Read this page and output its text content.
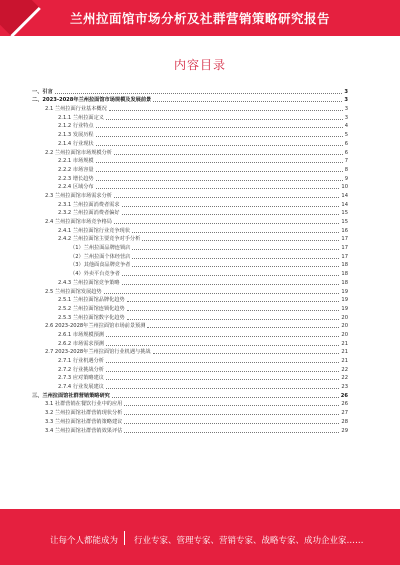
兰州拉面馆市场分析及社群营销策略研究报告
内容目录
一、引言	3
二、2023-2028年兰州拉面馆市场规模及发展前景	3
2.1 兰州拉面行业基本概况	3
2.1.1 兰州拉面定义	3
2.1.2 行业特点	4
2.1.3 发展历程	5
2.1.4 行业现状	6
2.2 兰州拉面馆市场规模分析	6
2.2.1 市场规模	7
2.2.2 市场容量	8
2.2.3 增长趋势	9
2.2.4 区域分布	10
2.3 兰州拉面馆市场需求分析	14
2.3.1 兰州拉面消费者需求	14
2.3.2 兰州拉面消费者偏好	15
2.4 兰州拉面馆市场竞争格局	15
2.4.1 兰州拉面馆行业竞争现状	16
2.4.2 兰州拉面馆主要竞争对手分析	17
（1）兰州拉面品牌连锁店	17
（2）兰州拉面个体经营店	17
（3）其他面食品牌竞争者	18
（4）外卖平台竞争者	18
2.4.3 兰州拉面馆竞争策略	18
2.5 兰州拉面馆发展趋势	19
2.5.1 兰州拉面馆品牌化趋势	19
2.5.2 兰州拉面馆连锁化趋势	19
2.5.3 兰州拉面馆数字化趋势	20
2.6 2023-2028年兰州拉面馆市场前景预测	20
2.6.1 市场规模预测	20
2.6.2 市场需求预测	21
2.7 2023-2028年兰州拉面馆行业机遇与挑战	21
2.7.1 行业机遇分析	21
2.7.2 行业挑战分析	22
2.7.3 应对策略建议	22
2.7.4 行业发展建议	23
三、兰州拉面馆社群营销策略研究	26
3.1 社群营销在餐饮行业中的应用	26
3.2 兰州拉面馆社群营销现状分析	27
3.3 兰州拉面馆社群营销策略建议	28
3.4 兰州拉面馆社群营销效果评估	29
让每个人都能成为 行业专家、管理专家、营销专家、战略专家、成功企业家……
